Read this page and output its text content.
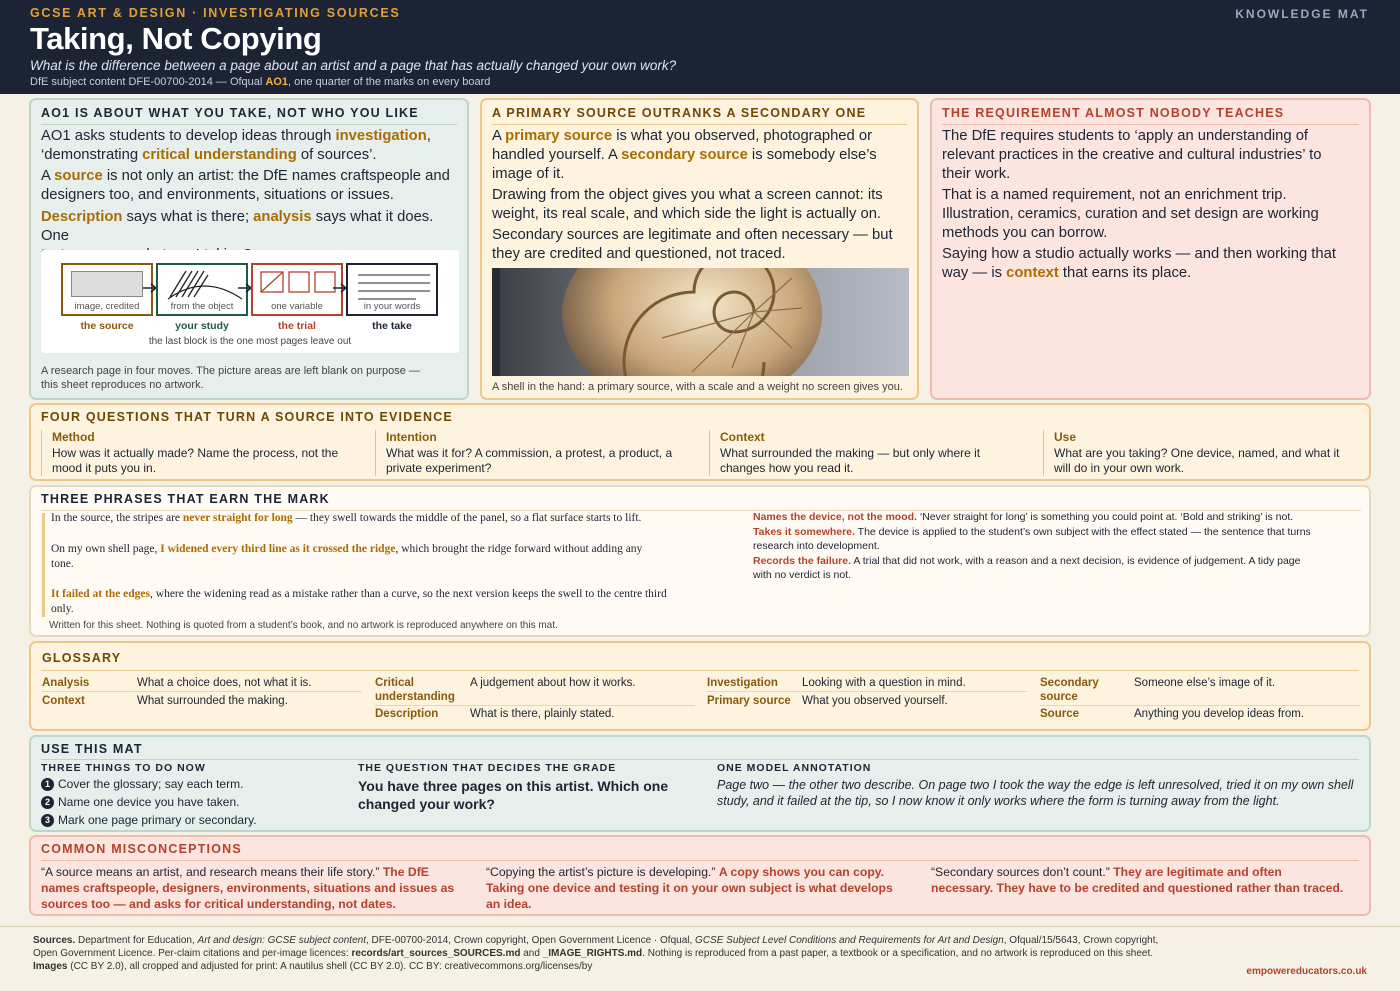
GCSE ART & DESIGN · INVESTIGATING SOURCES	KNOWLEDGE MAT
Taking, Not Copying
What is the difference between a page about an artist and a page that has actually changed your own work?
DfE subject content DFE-00700-2014 — Ofqual AO1, one quarter of the marks on every board
AO1 IS ABOUT WHAT YOU TAKE, NOT WHO YOU LIKE
AO1 asks students to develop ideas through investigation,
‘demonstrating critical understanding of sources’.
A source is not only an artist: the DfE names craftspeople and
designers too, and environments, situations or issues.
Description says what is there; analysis says what it does. One

image, credited	from the object	one variable	in your words
the source	your study	the trial	the take
the last block is the one most pages leave out
A research page in four moves. The picture areas are left blank on purpose —
this sheet reproduces no artwork.
A PRIMARY SOURCE OUTRANKS A SECONDARY ONE
A primary source is what you observed, photographed or
handled yourself. A secondary source is somebody else’s
image of it.
Drawing from the object gives you what a screen cannot: its
weight, its real scale, and which side the light is actually on.
Secondary sources are legitimate and often necessary — but
they are credited and questioned, not traced.
A shell in the hand: a primary source, with a scale and a weight no screen gives you.
THE REQUIREMENT ALMOST NOBODY TEACHES
The DfE requires students to ‘apply an understanding of
relevant practices in the creative and cultural industries’ to
their work.
That is a named requirement, not an enrichment trip.
Illustration, ceramics, curation and set design are working
methods you can borrow.
Saying how a studio actually works — and then working that
way — is context that earns its place.
FOUR QUESTIONS THAT TURN A SOURCE INTO EVIDENCE
Method
How was it actually made? Name the process, not the
mood it puts you in.
Intention
What was it for? A commission, a protest, a product, a
private experiment?
Context
What surrounded the making — but only where it
changes how you read it.
Use
What are you taking? One device, named, and what it
will do in your own work.
THREE PHRASES THAT EARN THE MARK
In the source, the stripes are never straight for long — they swell towards the middle of the panel, so a flat surface starts to lift.
On my own shell page, I widened every third line as it crossed the ridge, which brought the ridge forward without adding any
tone.
It failed at the edges, where the widening read as a mistake rather than a curve, so the next version keeps the swell to the centre third
only.
Names the device, not the mood. ‘Never straight for long’ is something you could point at. ‘Bold and striking’ is not.
Takes it somewhere. The device is applied to the student’s own subject with the effect stated — the sentence that turns
research into development.
Records the failure. A trial that did not work, with a reason and a next decision, is evidence of judgement. A tidy page
with no verdict is not.
Written for this sheet. Nothing is quoted from a student’s book, and no artwork is reproduced anywhere on this mat.
GLOSSARY
Analysis	What a choice does, not what it is.
Context	What surrounded the making.
Critical
understanding
A judgement about how it works.
Description	What is there, plainly stated.
Investigation Looking with a question in mind.
Primary source What you observed yourself.
Secondary
source
Someone else’s image of it.
Source	Anything you develop ideas from.
USE THIS MAT
THREE THINGS TO DO NOW
1 Cover the glossary; say each term.
2 Name one device you have taken.
3 Mark one page primary or secondary.
THE QUESTION THAT DECIDES THE GRADE
You have three pages on this artist. Which one
changed your work?
ONE MODEL ANNOTATION
Page two — the other two describe. On page two I took the way the edge is left unresolved, tried it on my own shell
study, and it failed at the tip, so I now know it only works where the form is turning away from the light.
COMMON MISCONCEPTIONS
“A source means an artist, and research means their life story.” The DfE
names craftspeople, designers, environments, situations and issues as
sources too — and asks for critical understanding, not dates.
“Copying the artist’s picture is developing.” A copy shows you can copy.
Taking one device and testing it on your own subject is what develops
an idea.
“Secondary sources don’t count.” They are legitimate and often
necessary. They have to be credited and questioned rather than traced.
Sources. Department for Education, Art and design: GCSE subject content, DFE-00700-2014, Crown copyright, Open Government Licence · Ofqual, GCSE Subject Level Conditions and Requirements for Art and Design, Ofqual/15/5643, Crown copyright,
Open Government Licence. Per-claim citations and per-image licences: records/art_sources_SOURCES.md and _IMAGE_RIGHTS.md. Nothing is reproduced from a past paper, a textbook or a specification, and no artwork is reproduced on this sheet.
Images (CC BY 2.0), all cropped and adjusted for print: A nautilus shell (CC BY 2.0). CC BY: creativecommons.org/licenses/by	empowereducators.co.uk
